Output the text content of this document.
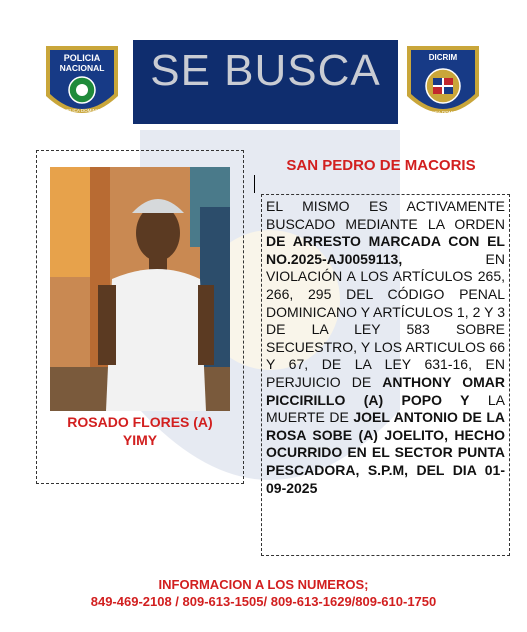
POLICIA
NACIONAL
REPUBLICA DOMINICANA
SE BUSCA	DICRIM
REPUBLICA DOMINICANA
ROSADO FLORES (A)
YIMY
SAN PEDRO DE MACORIS
EL MISMO ES ACTIVAMENTE BUSCADO MEDIANTE LA ORDEN DE ARRESTO MARCADA CON EL NO.2025-AJ0059113, EN VIOLACIÓN A LOS ARTÍCULOS 265, 266, 295 DEL CÓDIGO PENAL DOMINICANO Y ARTÍCULOS 1, 2 Y 3 DE LA LEY 583 SOBRE SECUESTRO, Y LOS ARTICULOS 66 Y 67, DE LA LEY 631-16, EN PERJUICIO DE ANTHONY OMAR PICCIRILLO (A) POPO Y LA MUERTE DE JOEL ANTONIO DE LA ROSA SOBE (A) JOELITO, HECHO OCURRIDO EN EL SECTOR PUNTA PESCADORA, S.P.M, DEL DIA 01-09-2025
INFORMACION A LOS NUMEROS;
849-469-2108 / 809-613-1505/ 809-613-1629/809-610-1750
